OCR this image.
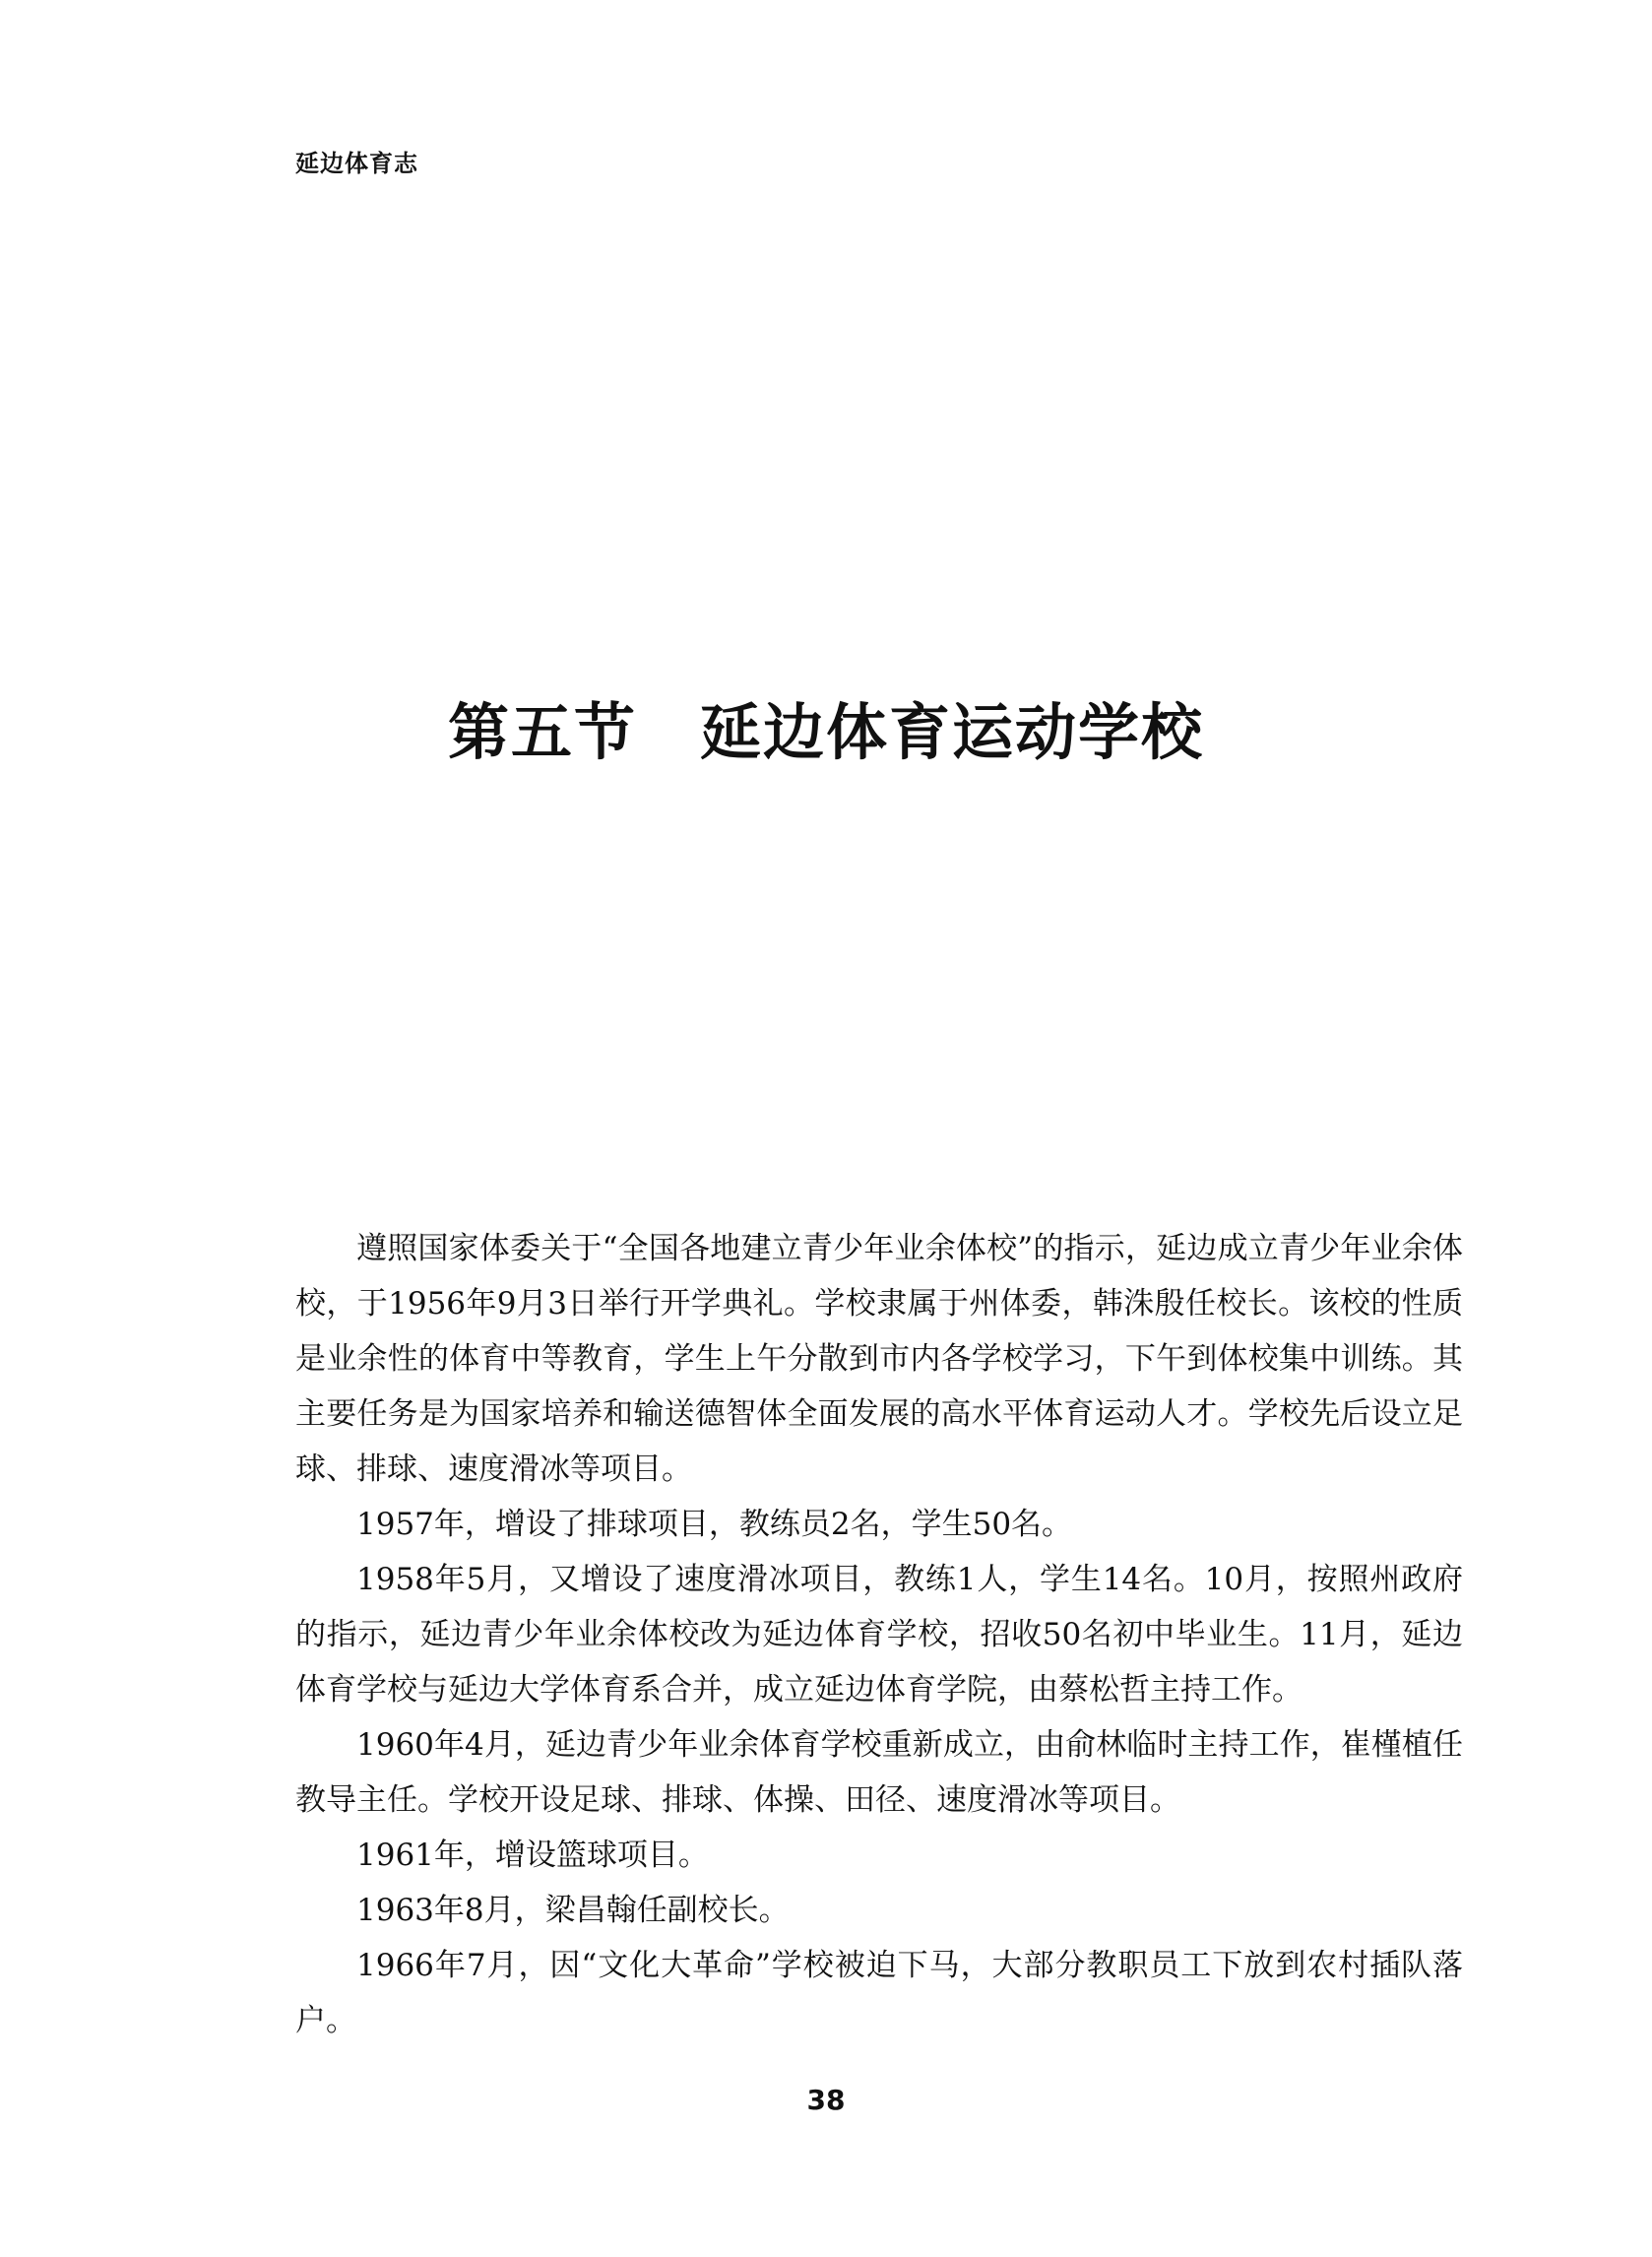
延边体育志
第五节　延边体育运动学校

遵照国家体委关于“全国各地建立青少年业余体校”的指示，延边成立青少年业余体校，于1956年9月3日举行开学典礼。学校隶属于州体委，韩洙殷任校长。该校的性质是业余性的体育中等教育，学生上午分散到市内各学校学习，下午到体校集中训练。其主要任务是为国家培养和输送德智体全面发展的高水平体育运动人才。学校先后设立足球、排球、速度滑冰等项目。

1957年，增设了排球项目，教练员2名，学生50名。

1958年5月，又增设了速度滑冰项目，教练1人，学生14名。10月，按照州政府的指示，延边青少年业余体校改为延边体育学校，招收50名初中毕业生。11月，延边体育学校与延边大学体育系合并，成立延边体育学院，由蔡松哲主持工作。

1960年4月，延边青少年业余体育学校重新成立，由俞林临时主持工作，崔槿植任教导主任。学校开设足球、排球、体操、田径、速度滑冰等项目。

1961年，增设篮球项目。

1963年8月，梁昌翰任副校长。

1966年7月，因“文化大革命”学校被迫下马，大部分教职员工下放到农村插队落户。

38
